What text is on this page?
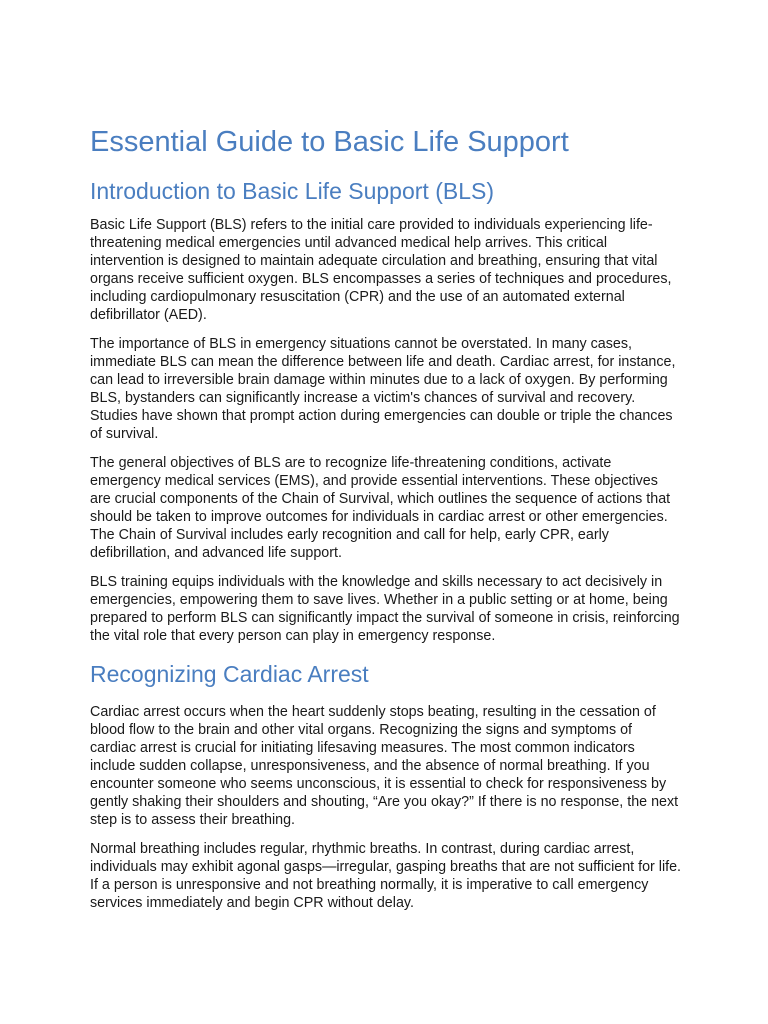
Essential Guide to Basic Life Support
Introduction to Basic Life Support (BLS)

Basic Life Support (BLS) refers to the initial care provided to individuals experiencing life-threatening medical emergencies until advanced medical help arrives. This critical intervention is designed to maintain adequate circulation and breathing, ensuring that vital organs receive sufficient oxygen. BLS encompasses a series of techniques and procedures, including cardiopulmonary resuscitation (CPR) and the use of an automated external defibrillator (AED).

The importance of BLS in emergency situations cannot be overstated. In many cases, immediate BLS can mean the difference between life and death. Cardiac arrest, for instance, can lead to irreversible brain damage within minutes due to a lack of oxygen. By performing BLS, bystanders can significantly increase a victim's chances of survival and recovery. Studies have shown that prompt action during emergencies can double or triple the chances of survival.

The general objectives of BLS are to recognize life-threatening conditions, activate emergency medical services (EMS), and provide essential interventions. These objectives are crucial components of the Chain of Survival, which outlines the sequence of actions that should be taken to improve outcomes for individuals in cardiac arrest or other emergencies. The Chain of Survival includes early recognition and call for help, early CPR, early defibrillation, and advanced life support.

BLS training equips individuals with the knowledge and skills necessary to act decisively in emergencies, empowering them to save lives. Whether in a public setting or at home, being prepared to perform BLS can significantly impact the survival of someone in crisis, reinforcing the vital role that every person can play in emergency response.

Recognizing Cardiac Arrest

Cardiac arrest occurs when the heart suddenly stops beating, resulting in the cessation of blood flow to the brain and other vital organs. Recognizing the signs and symptoms of cardiac arrest is crucial for initiating lifesaving measures. The most common indicators include sudden collapse, unresponsiveness, and the absence of normal breathing. If you encounter someone who seems unconscious, it is essential to check for responsiveness by gently shaking their shoulders and shouting, “Are you okay?” If there is no response, the next step is to assess their breathing.

Normal breathing includes regular, rhythmic breaths. In contrast, during cardiac arrest, individuals may exhibit agonal gasps—irregular, gasping breaths that are not sufficient for life. If a person is unresponsive and not breathing normally, it is imperative to call emergency services immediately and begin CPR without delay.
